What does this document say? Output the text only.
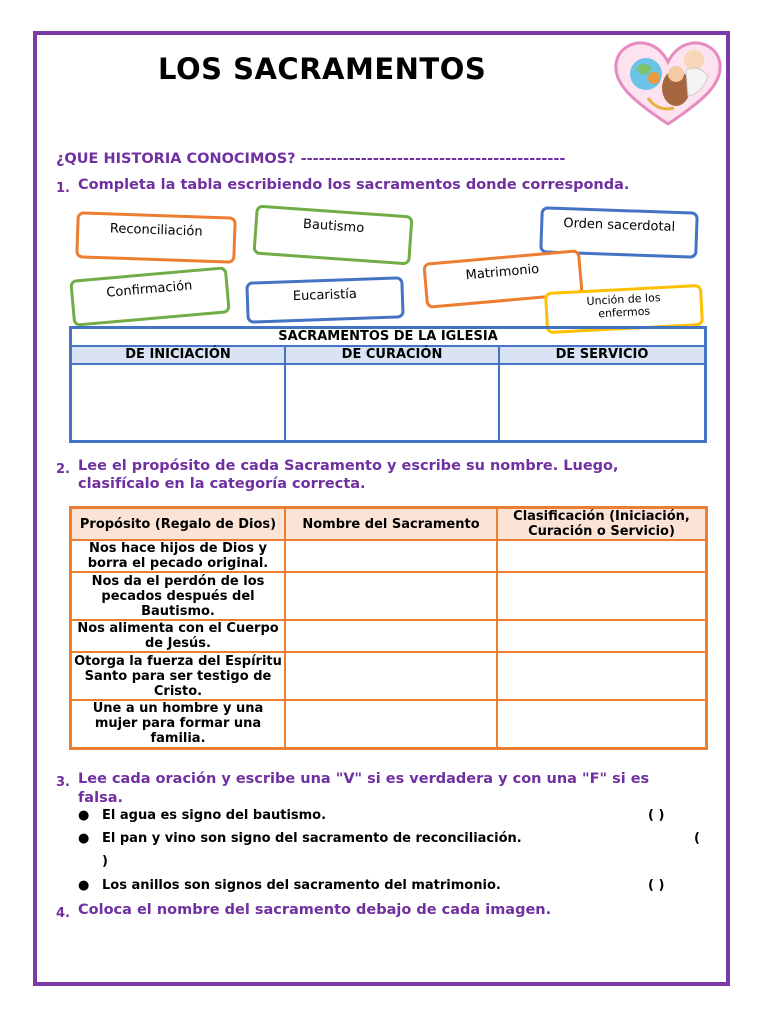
LOS SACRAMENTOS
¿QUE HISTORIA CONOCIMOS? --------------------------------------------
1. Completa la tabla escribiendo los sacramentos donde corresponda.
Reconciliación	Bautismo	Orden sacerdotal
Matrimonio
Confirmación	Eucaristía	Unción de los enfermos
SACRAMENTOS DE LA IGLESIA		
DE INICIACIÓN	DE CURACIÓN	DE SERVICIO

2. Lee el propósito de cada Sacramento y escribe su nombre. Luego,
clasifícalo en la categoría correcta.
Propósito (Regalo de Dios)	Nombre del Sacramento	Clasificación (Iniciación, Curación o Servicio)
Nos hace hijos de Dios y borra el pecado original.		
Nos da el perdón de los pecados después del Bautismo.		
Nos alimenta con el Cuerpo de Jesús.		
Otorga la fuerza del Espíritu Santo para ser testigo de Cristo.		
Une a un hombre y una mujer para formar una familia.		
3. Lee cada oración y escribe una "V" si es verdadera y con una "F" si es
falsa.
● El agua es signo del bautismo.	( )
● El pan y vino son signo del sacramento de reconciliación.	(
)
● Los anillos son signos del sacramento del matrimonio.	( )
4. Coloca el nombre del sacramento debajo de cada imagen.
